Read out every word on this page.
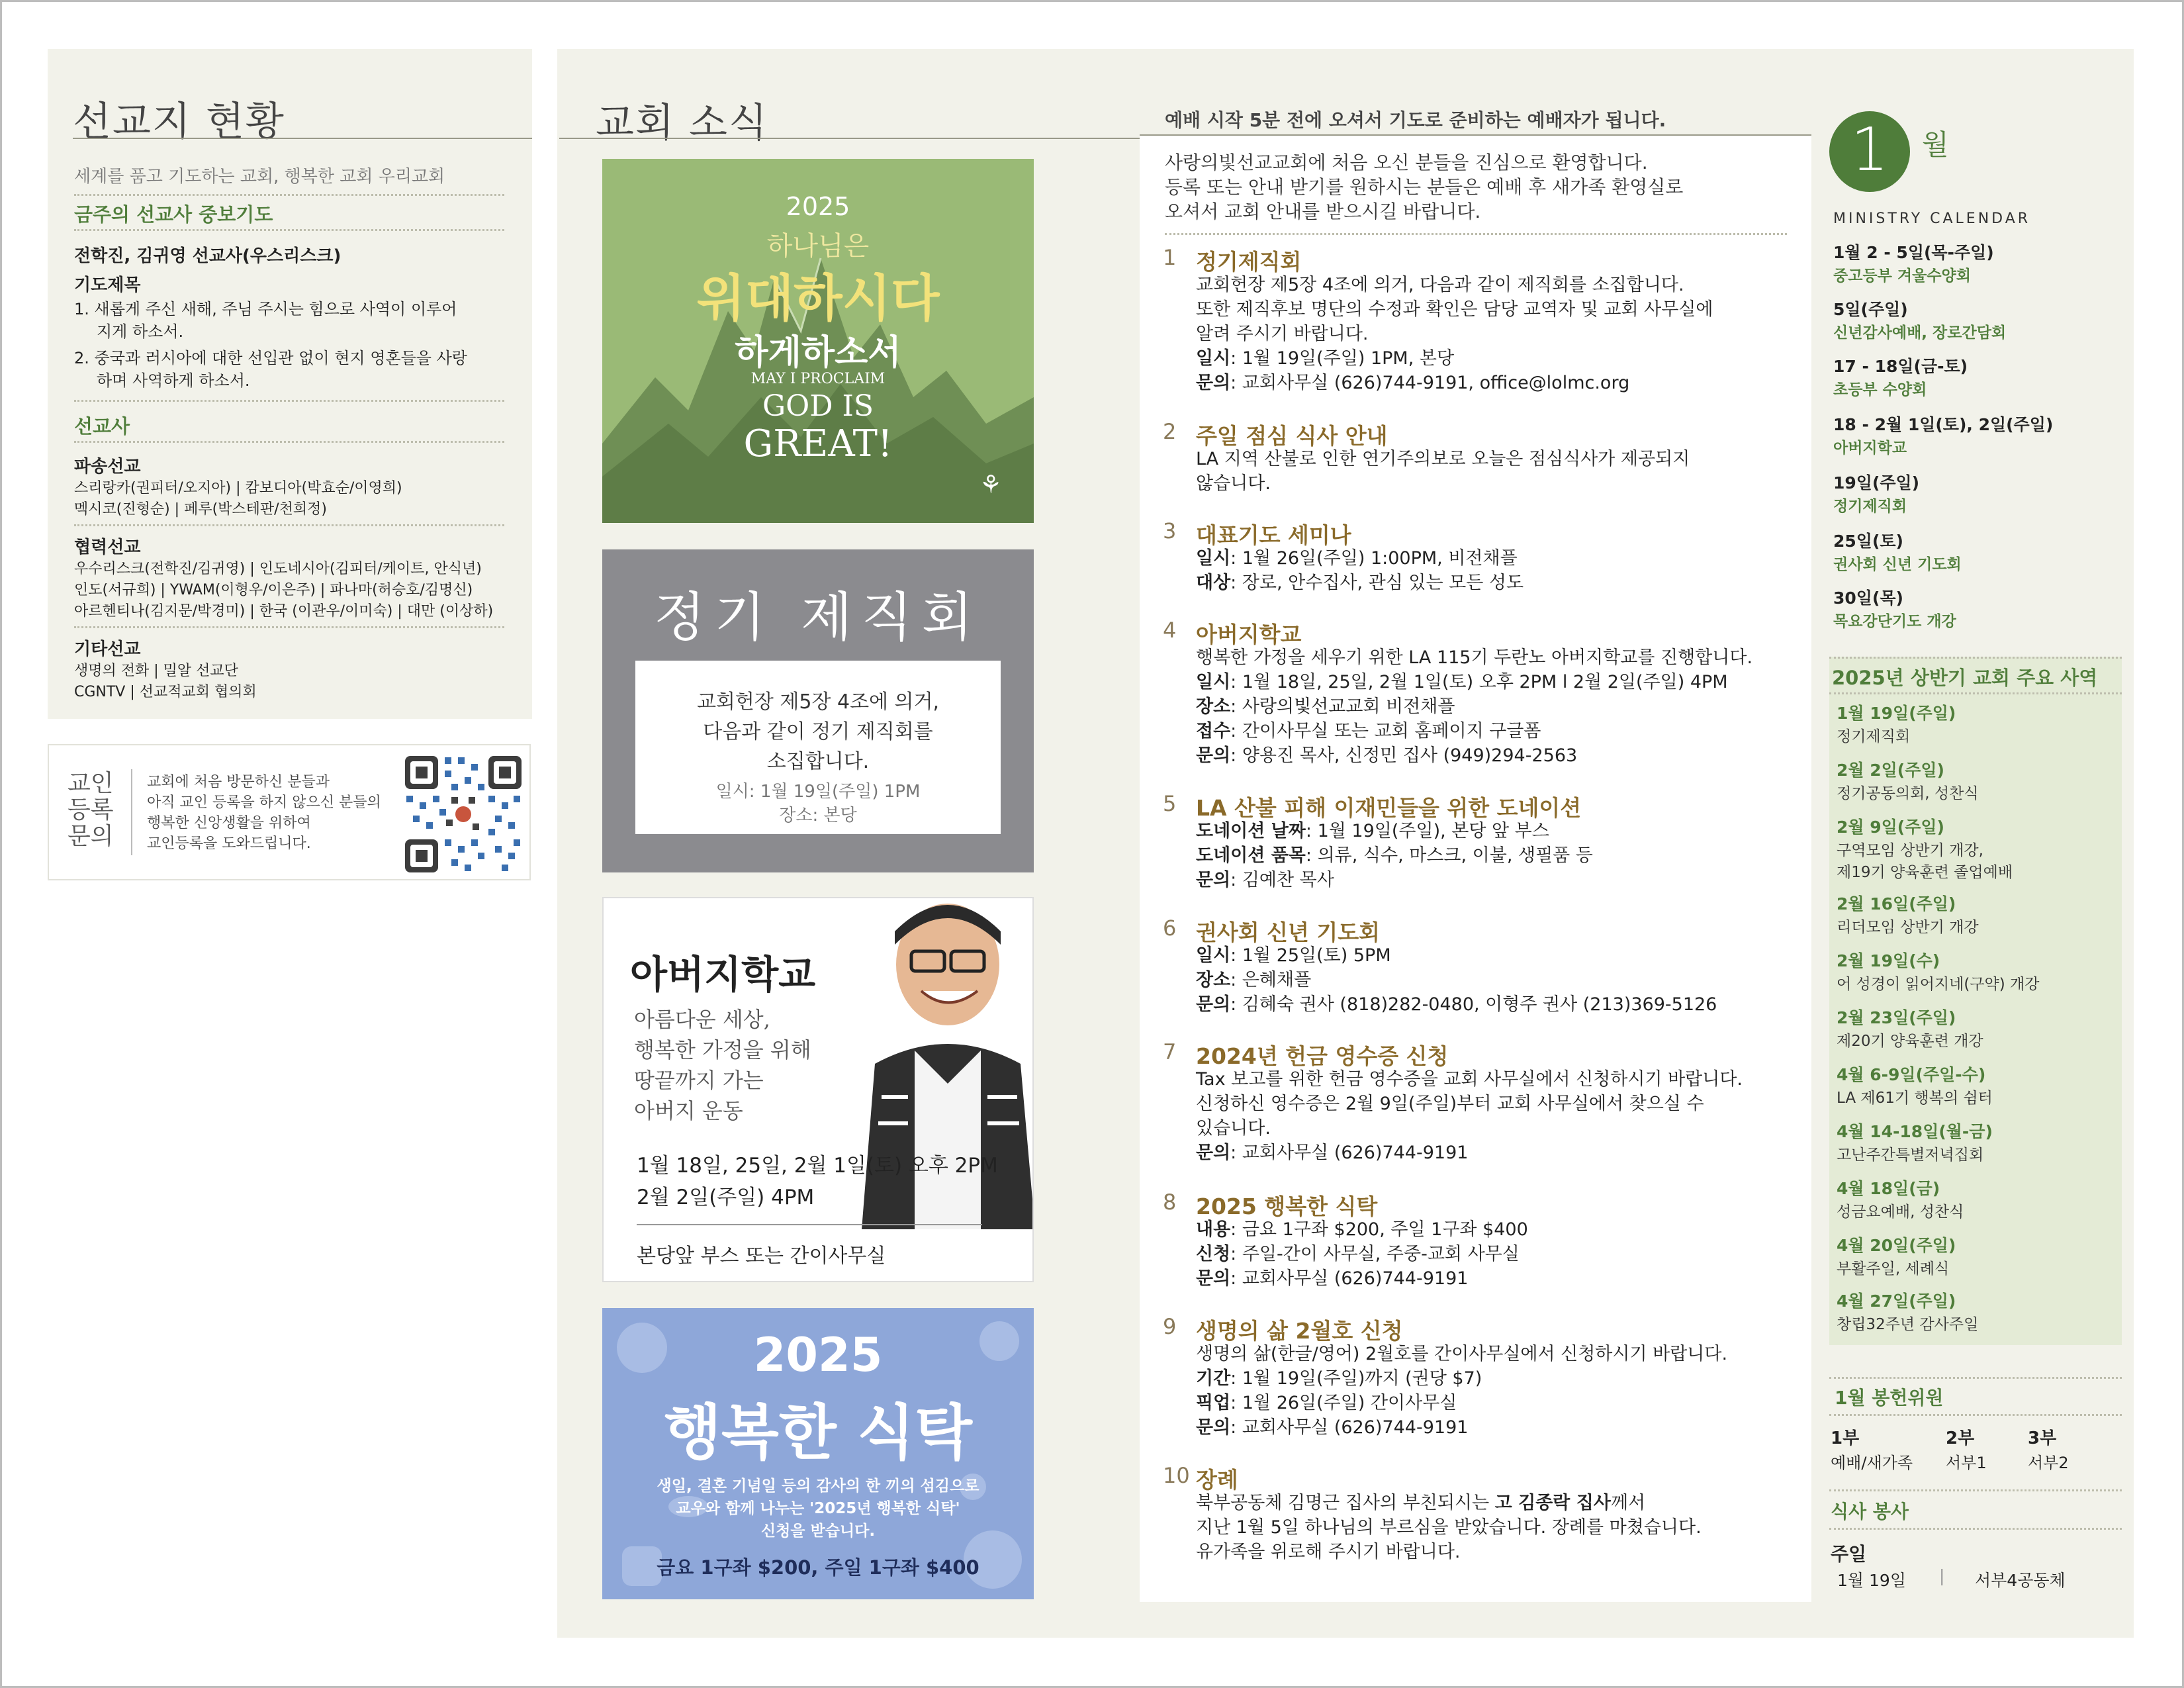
선교지 현황
세계를 품고 기도하는 교회, 행복한 교회 우리교회
금주의 선교사 중보기도
전학진, 김귀영 선교사(우스리스크)
기도제목
1. 새롭게 주신 새해, 주님 주시는 힘으로 사역이 이루어
지게 하소서.
2. 중국과 러시아에 대한 선입관 없이 현지 영혼들을 사랑
하며 사역하게 하소서.
선교사
파송선교
스리랑카(권피터/오지아) | 캄보디아(박효순/이영희)
멕시코(진형순) | 페루(박스테판/천희정)
협력선교
우수리스크(전학진/김귀영) | 인도네시아(김피터/케이트, 안식년)
인도(서규희) | YWAM(이형우/이은주) | 파나마(허승호/김명신)
아르헨티나(김지문/박경미) | 한국 (이관우/이미숙) | 대만 (이상하)
기타선교
생명의 전화 | 밀알 선교단
CGNTV | 선교적교회 협의회
교인
등록
문의
교회에 처음 방문하신 분들과
아직 교인 등록을 하지 않으신 분들의
행복한 신앙생활을 위하여
교인등록을 도와드립니다.
교회 소식	예배 시작 5분 전에 오셔서 기도로 준비하는 예배자가 됩니다.
2025
하나님은
위대하시다
하게하소서
MAY I PROCLAIM
GOD IS
GREAT!
⚘
정기 제직회
교회헌장 제5장 4조에 의거,
다음과 같이 정기 제직회를
소집합니다.
일시: 1월 19일(주일) 1PM
장소: 본당
아버지학교
아름다운 세상,
행복한 가정을 위해
땅끝까지 가는
아버지 운동
1월 18일, 25일, 2월 1일(토) 오후 2PM
2월 2일(주일) 4PM
본당앞 부스 또는 간이사무실
2025
행복한 식탁
생일, 결혼 기념일 등의 감사의 한 끼의 섬김으로
교우와 함께 나누는 '2025년 행복한 식탁'
신청을 받습니다.
금요 1구좌 $200, 주일 1구좌 $400
사랑의빛선교교회에 처음 오신 분들을 진심으로 환영합니다.
등록 또는 안내 받기를 원하시는 분들은 예배 후 새가족 환영실로
오셔서 교회 안내를 받으시길 바랍니다.
1 정기제직회
교회헌장 제5장 4조에 의거, 다음과 같이 제직회를 소집합니다.
또한 제직후보 명단의 수정과 확인은 담당 교역자 및 교회 사무실에
알려 주시기 바랍니다.
일시: 1월 19일(주일) 1PM, 본당
문의: 교회사무실 (626)744-9191, office@lolmc.org
2 주일 점심 식사 안내
LA 지역 산불로 인한 연기주의보로 오늘은 점심식사가 제공되지
않습니다.
3 대표기도 세미나
일시: 1월 26일(주일) 1:00PM, 비전채플
대상: 장로, 안수집사, 관심 있는 모든 성도
4 아버지학교
행복한 가정을 세우기 위한 LA 115기 두란노 아버지학교를 진행합니다.
일시: 1월 18일, 25일, 2월 1일(토) 오후 2PM l 2월 2일(주일) 4PM
장소: 사랑의빛선교교회 비전채플
접수: 간이사무실 또는 교회 홈페이지 구글폼
문의: 양용진 목사, 신정민 집사 (949)294-2563
5 LA 산불 피해 이재민들을 위한 도네이션
도네이션 날짜: 1월 19일(주일), 본당 앞 부스
도네이션 품목: 의류, 식수, 마스크, 이불, 생필품 등
문의: 김예찬 목사
6 권사회 신년 기도회
일시: 1월 25일(토) 5PM
장소: 은혜채플
문의: 김혜숙 권사 (818)282-0480, 이형주 권사 (213)369-5126
7 2024년 헌금 영수증 신청
Tax 보고를 위한 헌금 영수증을 교회 사무실에서 신청하시기 바랍니다.
신청하신 영수증은 2월 9일(주일)부터 교회 사무실에서 찾으실 수
있습니다.
문의: 교회사무실 (626)744-9191
8 2025 행복한 식탁
내용: 금요 1구좌 $200, 주일 1구좌 $400
신청: 주일-간이 사무실, 주중-교회 사무실
문의: 교회사무실 (626)744-9191
9 생명의 삶 2월호 신청
생명의 삶(한글/영어) 2월호를 간이사무실에서 신청하시기 바랍니다.
기간: 1월 19일(주일)까지 (권당 $7)
픽업: 1월 26일(주일) 간이사무실
문의: 교회사무실 (626)744-9191
10 장례
북부공동체 김명근 집사의 부친되시는 고 김종락 집사께서
지난 1월 5일 하나님의 부르심을 받았습니다. 장례를 마쳤습니다.
유가족을 위로해 주시기 바랍니다.
1	월
MINISTRY CALENDAR
1월 2 - 5일(목-주일)
중고등부 겨울수양회
5일(주일)
신년감사예배, 장로간담회
17 - 18일(금-토)
초등부 수양회
18 - 2월 1일(토), 2일(주일)
아버지학교
19일(주일)
정기제직회
25일(토)
권사회 신년 기도회
30일(목)
목요강단기도 개강
2025년 상반기 교회 주요 사역
1월 19일(주일)
정기제직회
2월 2일(주일)
정기공동의회, 성찬식
2월 9일(주일)
구역모임 상반기 개강,
제19기 양육훈련 졸업예배
2월 16일(주일)
리더모임 상반기 개강
2월 19일(수)
어 성경이 읽어지네(구약) 개강
2월 23일(주일)
제20기 양육훈련 개강
4월 6-9일(주일-수)
LA 제61기 행복의 쉼터
4월 14-18일(월-금)
고난주간특별저녁집회
4월 18일(금)
성금요예배, 성찬식
4월 20일(주일)
부활주일, 세례식
4월 27일(주일)
창립32주년 감사주일
1월 봉헌위원
1부
예배/새가족
2부
서부1
3부
서부2
식사 봉사
주일
1월 19일 | 서부4공동체
